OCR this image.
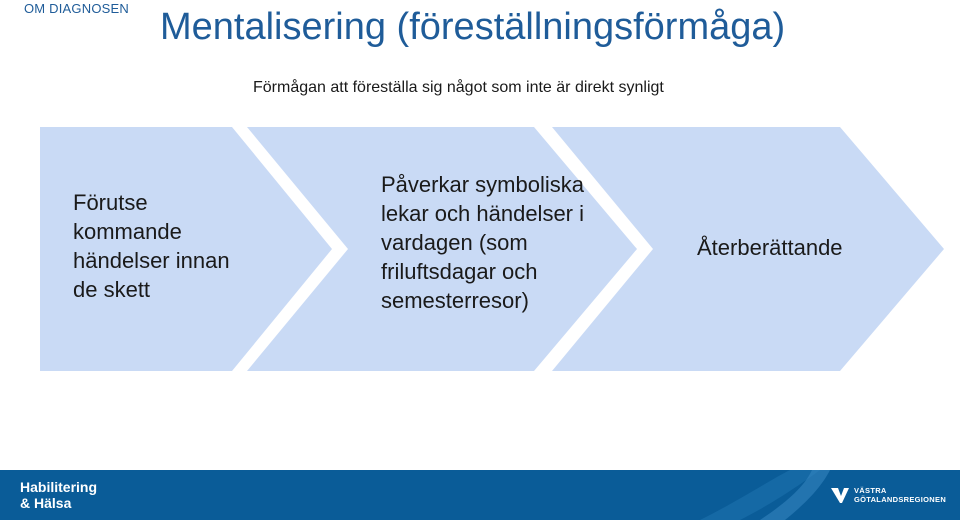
OM DIAGNOSEN Mentalisering (föreställningsförmåga)
Förmågan att föreställa sig något som inte är direkt synligt
Förutse kommande händelser innan de skett
Påverkar symboliska lekar och händelser i vardagen (som friluftsdagar och semesterresor)
Återberättande
Habilitering
& Hälsa
VÄSTRA
GÖTALANDSREGIONEN
